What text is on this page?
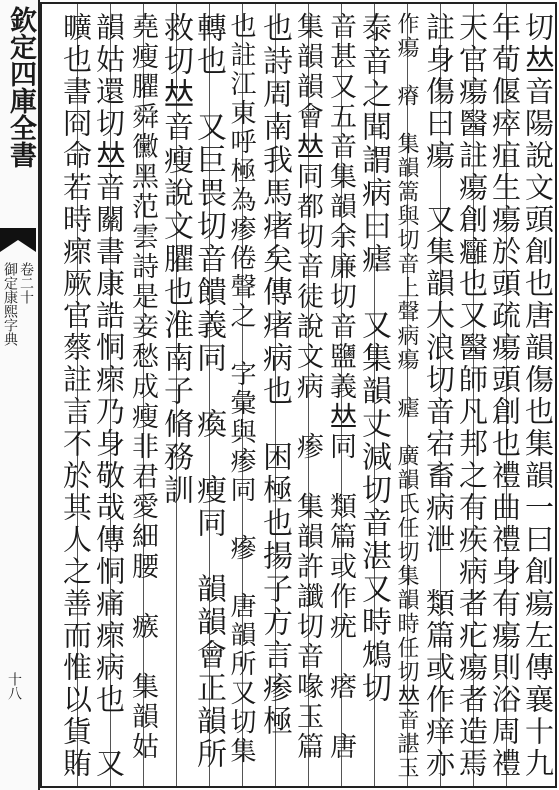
欽定四庫全書
御定康熙字典 卷二十
十八	切𠀤音陽說文頭創也唐韻傷也集韻一曰創瘍左傳襄十九
年荀偃瘁疽生瘍於頭疏瘍頭創也禮曲禮身有瘍則浴周禮
天官瘍醫註瘍創癰也又醫師凡邦之有疾病者疕瘍者造焉
註身傷曰瘍　又集韻大浪切音宕畜病泄　類篇或作痒亦
作瘍　瘠　集韻篙與切音上聲病瘍　瘧　廣韻氏任切集韻時任切𠀤音諶玉
泰音之聞謂病曰瘧　又集韻丈減切音湛又時鴆切
音甚又五音集韻余廉切音鹽義𠀤同　類篇或作疣　瘩　唐
集韻韻會𠀤同都切音徒說文病　瘆　集韻許讖切音喙玉篇
也詩周南我馬瘏矣傳瘏病也　困極也揚子方言瘆極
也註江東呼極為瘆倦聲之　字彙與瘆同　瘮　唐韻所又切集
轉也　又巨畏切音饋義同　瘓　瘦同　韻韻會正韻所
救切𠀤音瘦說文臞也淮南子脩務訓
堯瘦臞舜黴黑范雲詩是妾愁成瘦非君愛細腰　瘯　集韻姑
韻姑還切𠀤音關書康誥恫瘝乃身敬哉傳恫痛瘝病也　又
曠也書冏命若時瘝厥官蔡註言不於其人之善而惟以貨賄
